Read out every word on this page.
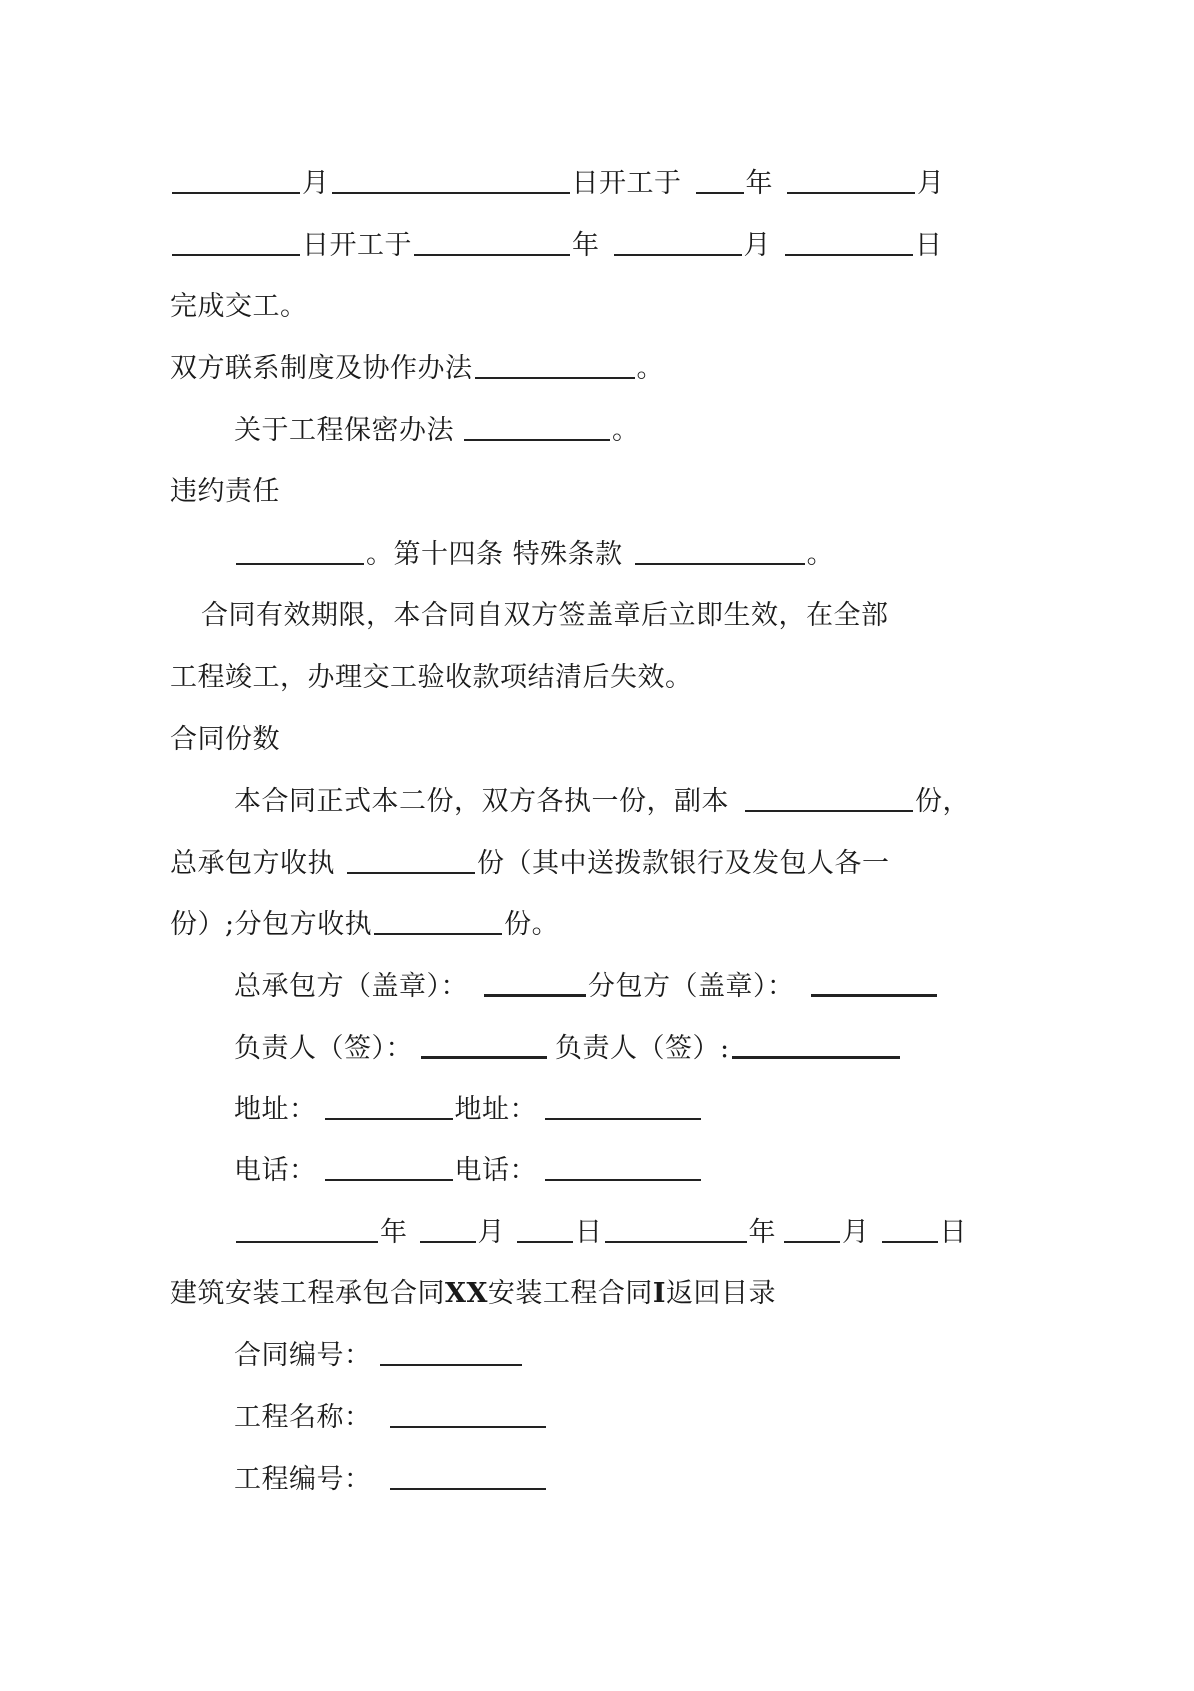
月	日开工于 年	月
日开工于	年	月	日
完成交工。
双方联系制度及协作办法	。
关于工程保密办法	。
违约责任
。第十四条 特殊条款	。
合同有效期限，本合同自双方签盖章后立即生效，在全部
工程竣工，办理交工验收款项结清后失效。
合同份数
本合同正式本二份，双方各执一份，副本	份，
总承包方收执	份（其中送拨款银行及发包人各一
份）;分包方收执	份。
总承包方（盖章）：	分包方（盖章）：
负责人（签）：	负责人（签）:
地址：	地址：
电话：	电话：
年	月	日	年 月	日
建筑安装工程承包合同XX安装工程合同I返回目录
合同编号：
工程名称：
工程编号：
